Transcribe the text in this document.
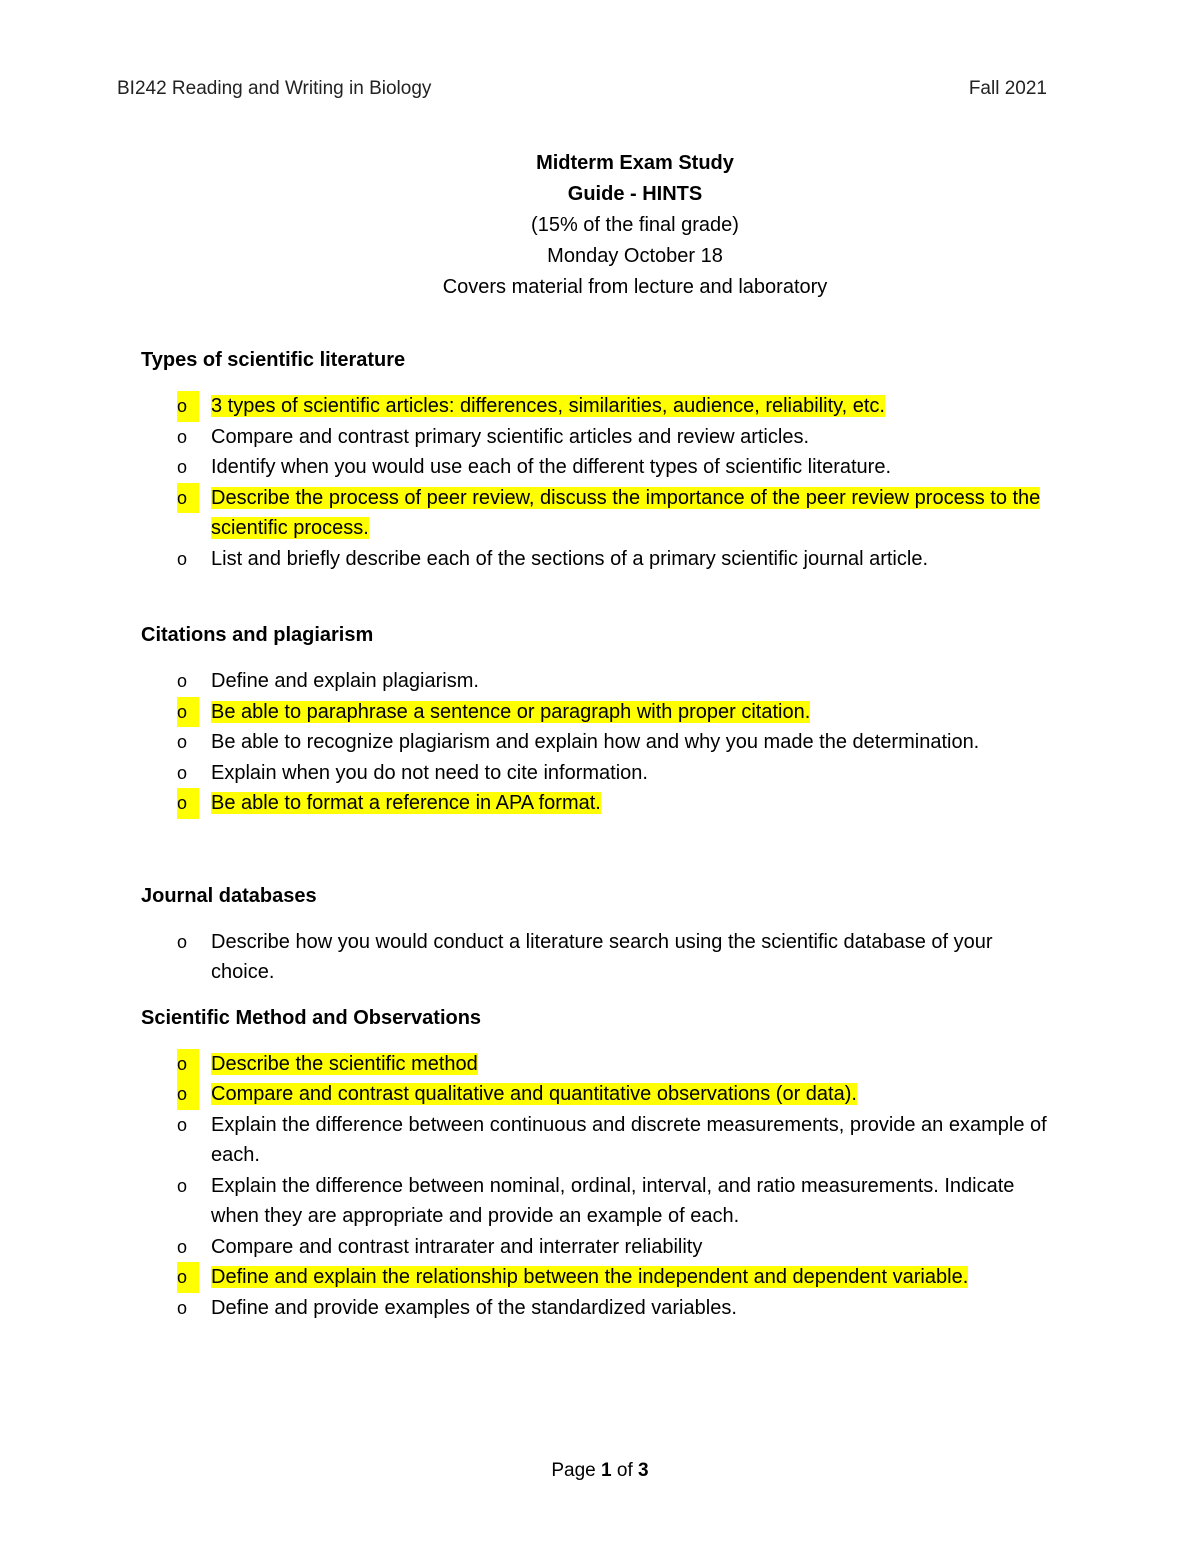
BI242 Reading and Writing in Biology	Fall 2021
Midterm Exam Study
Guide - HINTS
(15% of the final grade)
Monday October 18
Covers material from lecture and laboratory
Types of scientific literature
o	3 types of scientific articles: differences, similarities, audience, reliability, etc.
o	Compare and contrast primary scientific articles and review articles.
o	Identify when you would use each of the different types of scientific literature.
o	Describe the process of peer review, discuss the importance of the peer review process to the scientific process.
o	List and briefly describe each of the sections of a primary scientific journal article.
Citations and plagiarism
o	Define and explain plagiarism.
o	Be able to paraphrase a sentence or paragraph with proper citation.
o	Be able to recognize plagiarism and explain how and why you made the determination.
o	Explain when you do not need to cite information.
o	Be able to format a reference in APA format.
Journal databases
o	Describe how you would conduct a literature search using the scientific database of your choice.
Scientific Method and Observations
o	Describe the scientific method
o	Compare and contrast qualitative and quantitative observations (or data).
o	Explain the difference between continuous and discrete measurements, provide an example of each.
o	Explain the difference between nominal, ordinal, interval, and ratio measurements. Indicate when they are appropriate and provide an example of each.
o	Compare and contrast intrarater and interrater reliability
o	Define and explain the relationship between the independent and dependent variable.
o	Define and provide examples of the standardized variables.
Page 1 of 3
